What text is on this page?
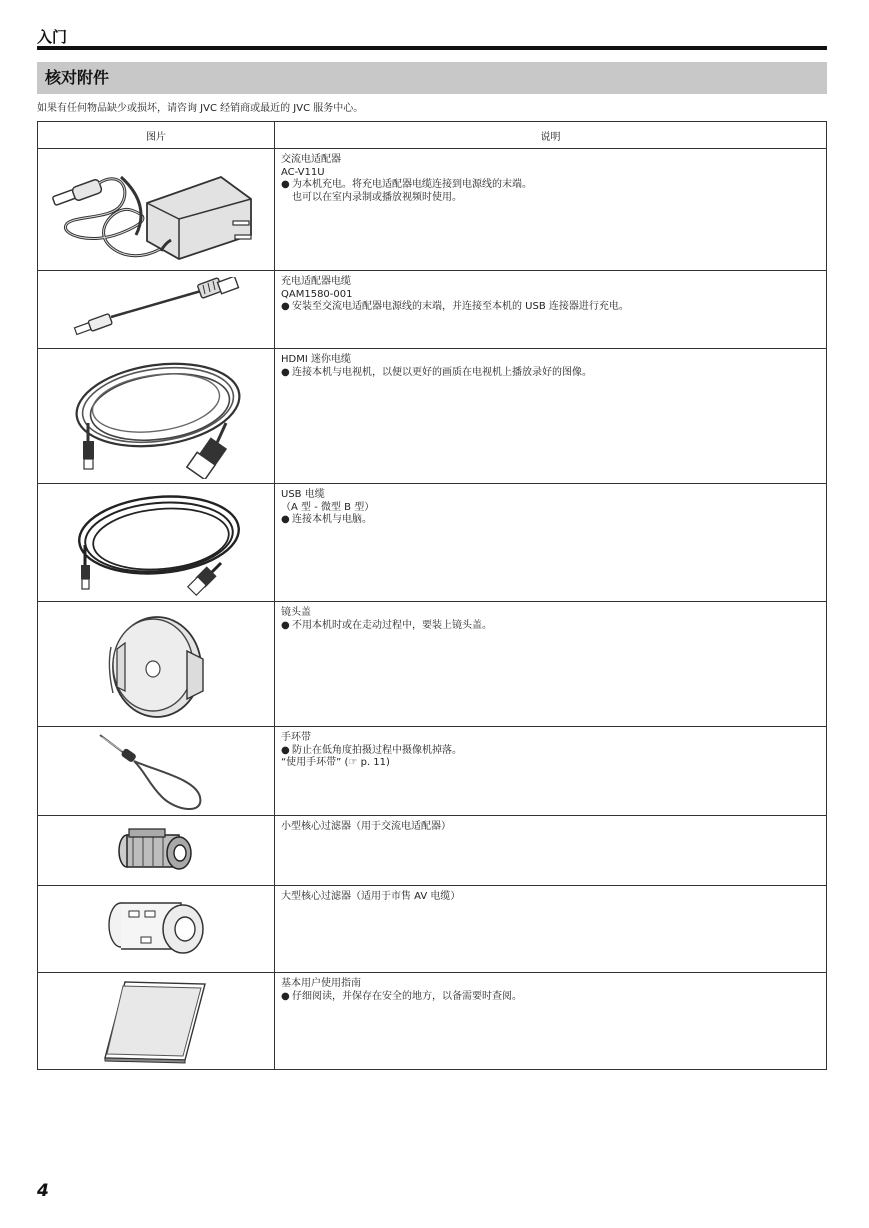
入门
核对附件
如果有任何物品缺少或损坏，请咨询 JVC 经销商或最近的 JVC 服务中心。
图片	说明

交流电适配器
AC-V11U
● 为本机充电。将充电适配器电缆连接到电源线的末端。
也可以在室内录制或播放视频时使用。

充电适配器电缆
QAM1580-001
● 安装至交流电适配器电源线的末端，并连接至本机的 USB 连接器进行充电。

HDMI 迷你电缆
● 连接本机与电视机，以便以更好的画质在电视机上播放录好的图像。

USB 电缆
（A 型 - 微型 B 型）
● 连接本机与电脑。

镜头盖
● 不用本机时或在走动过程中，要装上镜头盖。

手环带
● 防止在低角度拍摄过程中摄像机掉落。
“使用手环带” (☞ p. 11)

小型核心过滤器（用于交流电适配器）

大型核心过滤器（适用于市售 AV 电缆）

基本用户使用指南
● 仔细阅读，并保存在安全的地方，以备需要时查阅。
4
